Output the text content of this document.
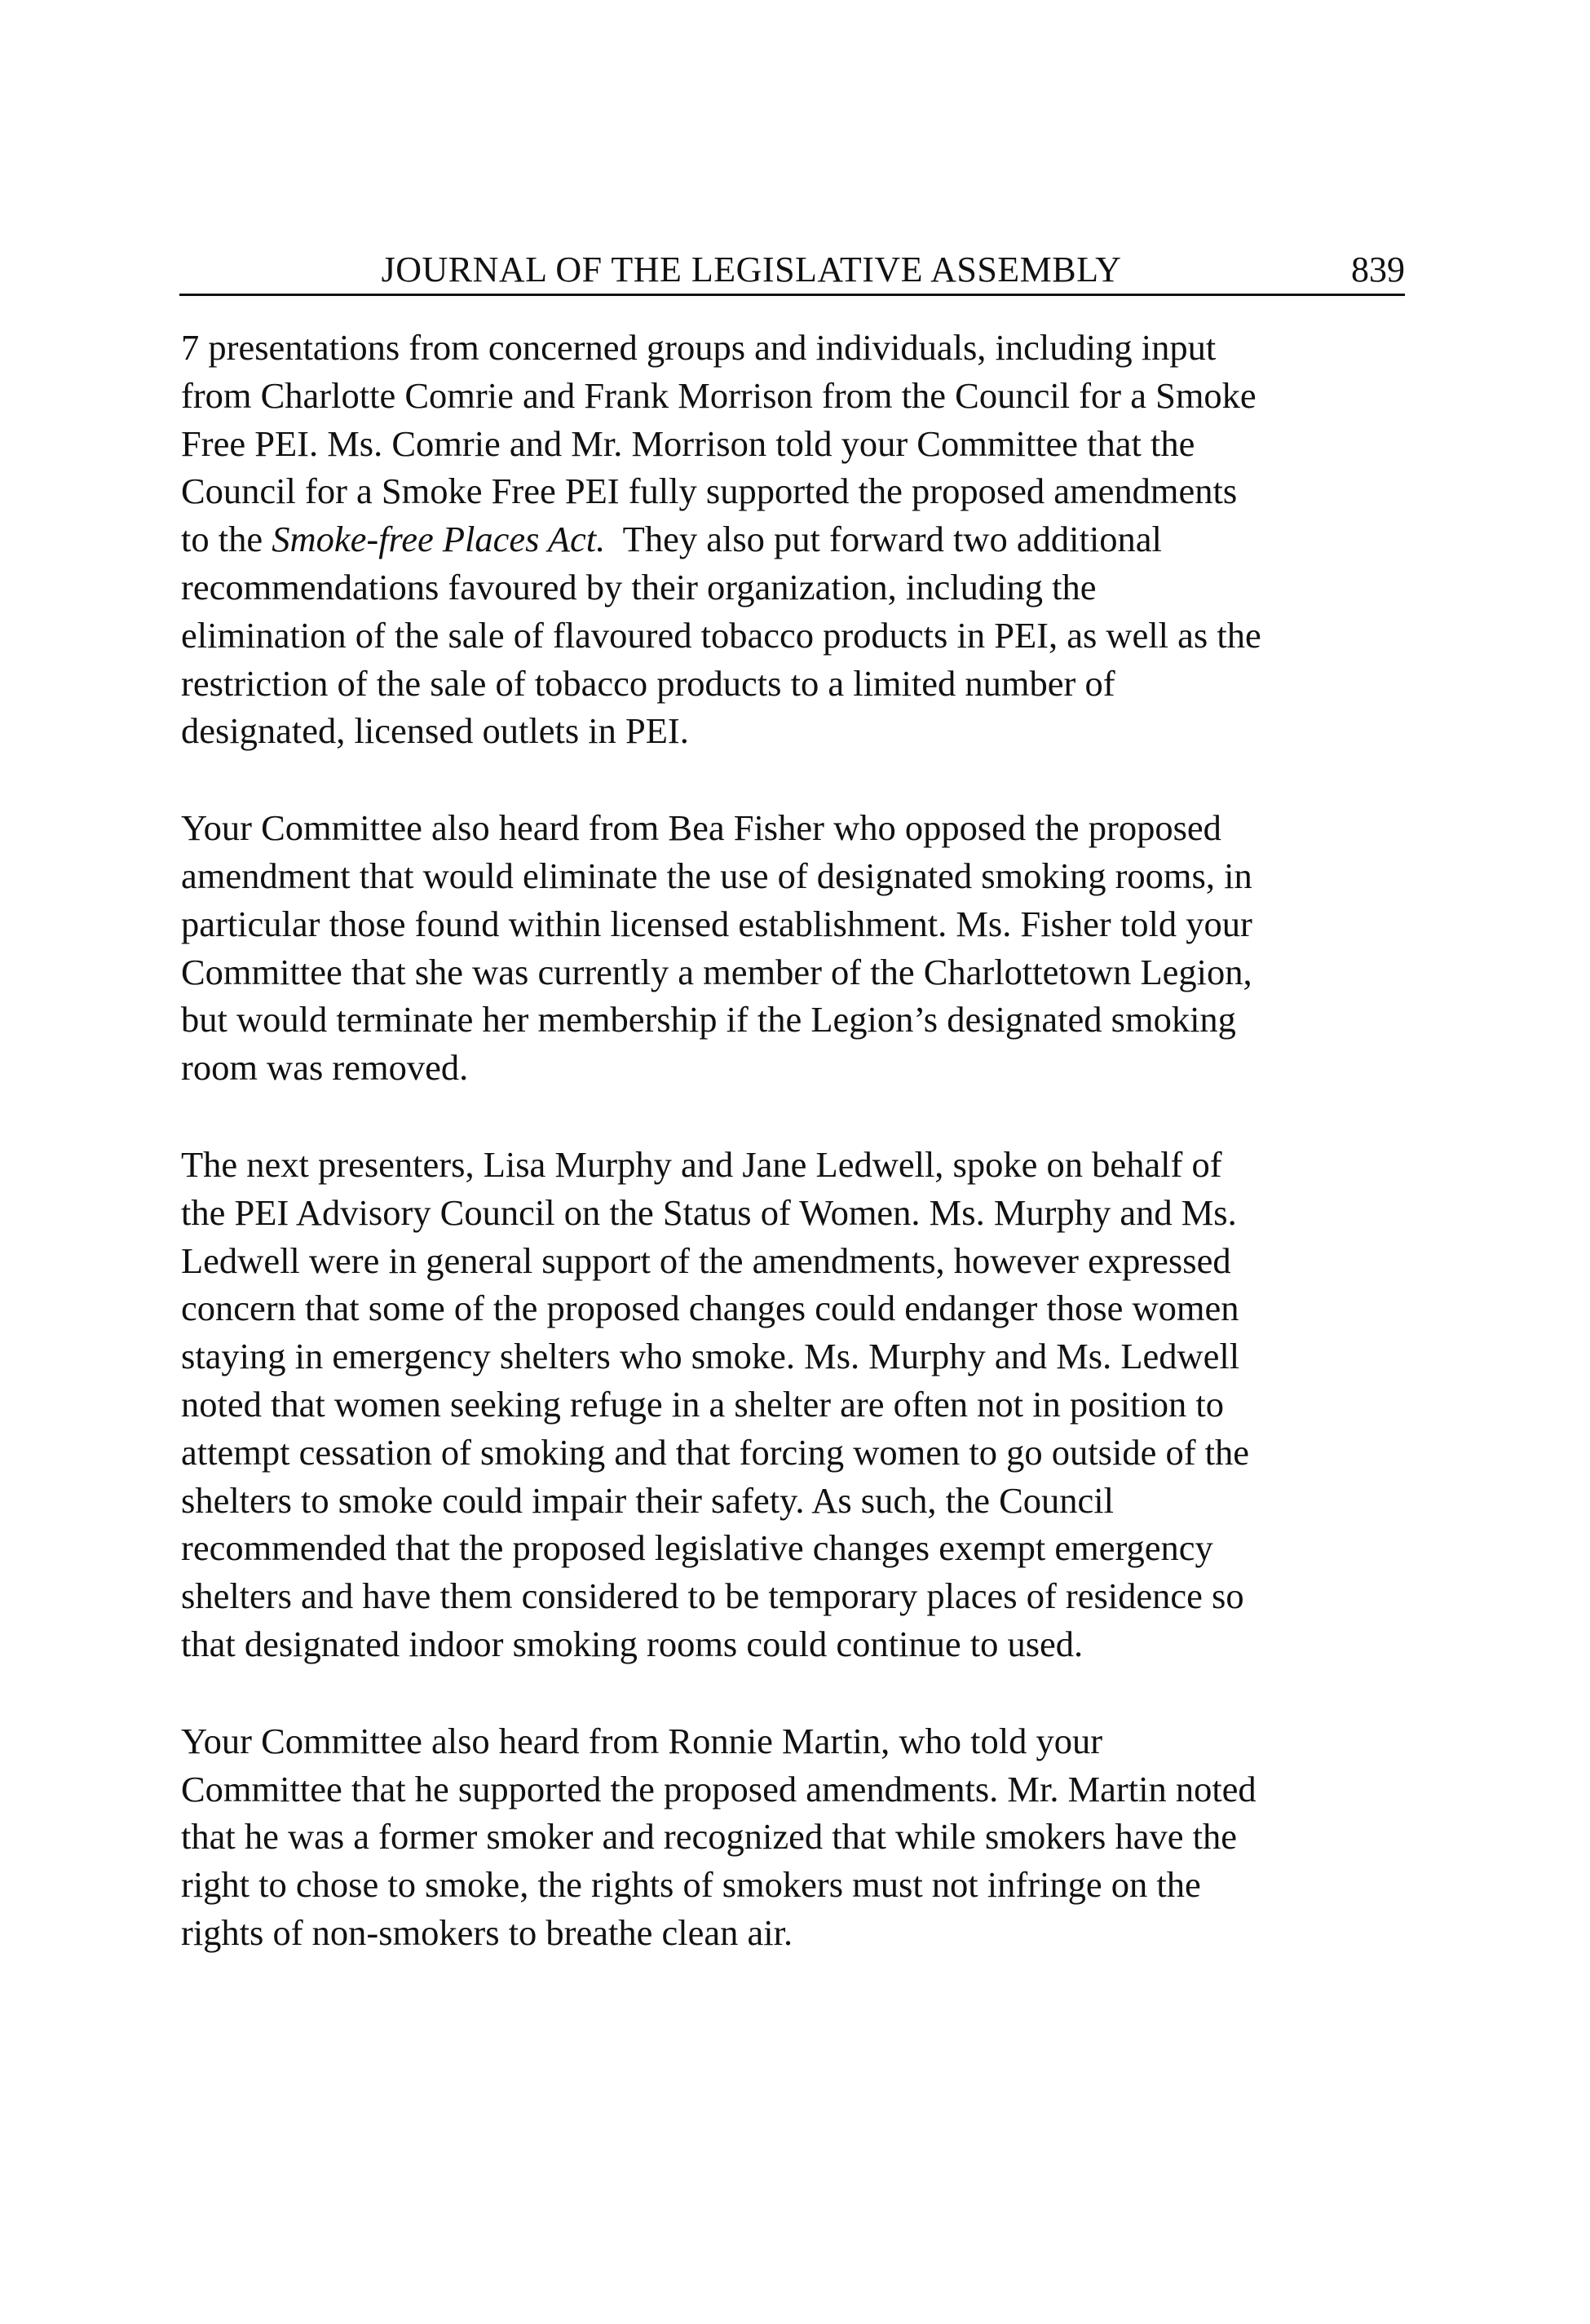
JOURNAL OF THE LEGISLATIVE ASSEMBLY	839

7 presentations from concerned groups and individuals, including input
from Charlotte Comrie and Frank Morrison from the Council for a Smoke
Free PEI. Ms. Comrie and Mr. Morrison told your Committee that the
Council for a Smoke Free PEI fully supported the proposed amendments
to the Smoke-free Places Act.  They also put forward two additional
recommendations favoured by their organization, including the
elimination of the sale of flavoured tobacco products in PEI, as well as the
restriction of the sale of tobacco products to a limited number of
designated, licensed outlets in PEI.

Your Committee also heard from Bea Fisher who opposed the proposed
amendment that would eliminate the use of designated smoking rooms, in
particular those found within licensed establishment. Ms. Fisher told your
Committee that she was currently a member of the Charlottetown Legion,
but would terminate her membership if the Legion’s designated smoking
room was removed.

The next presenters, Lisa Murphy and Jane Ledwell, spoke on behalf of
the PEI Advisory Council on the Status of Women. Ms. Murphy and Ms.
Ledwell were in general support of the amendments, however expressed
concern that some of the proposed changes could endanger those women
staying in emergency shelters who smoke. Ms. Murphy and Ms. Ledwell
noted that women seeking refuge in a shelter are often not in position to
attempt cessation of smoking and that forcing women to go outside of the
shelters to smoke could impair their safety. As such, the Council
recommended that the proposed legislative changes exempt emergency
shelters and have them considered to be temporary places of residence so
that designated indoor smoking rooms could continue to used.

Your Committee also heard from Ronnie Martin, who told your
Committee that he supported the proposed amendments. Mr. Martin noted
that he was a former smoker and recognized that while smokers have the
right to chose to smoke, the rights of smokers must not infringe on the
rights of non-smokers to breathe clean air.
